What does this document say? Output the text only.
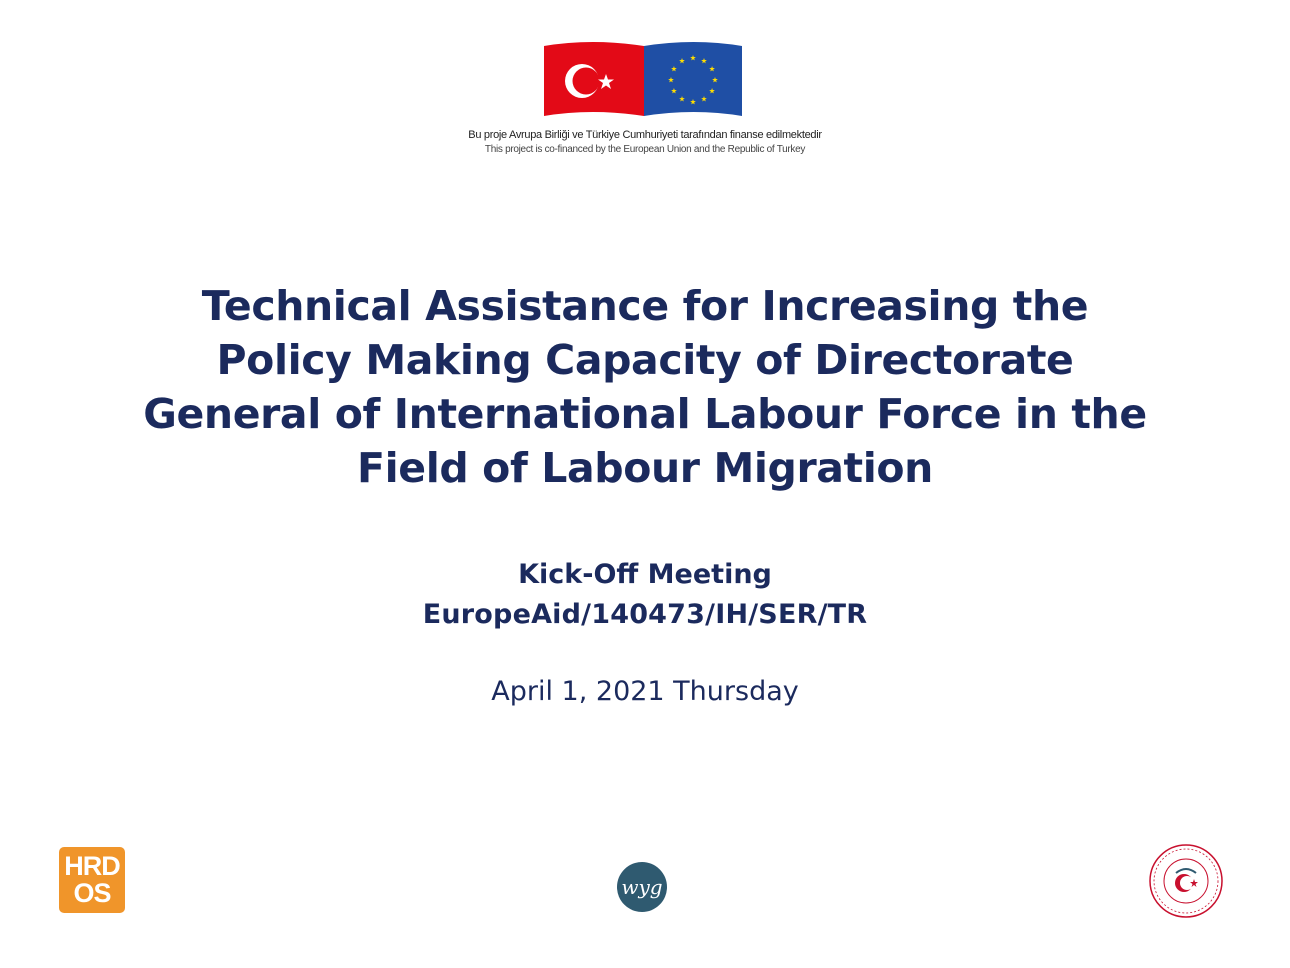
Bu proje Avrupa Birliği ve Türkiye Cumhuriyeti tarafından finanse edilmektedir
This project is co-financed by the European Union and the Republic of Turkey
Technical Assistance for Increasing the
Policy Making Capacity of Directorate
General of International Labour Force in the
Field of Labour Migration
Kick-Off Meeting
EuropeAid/140473/IH/SER/TR
April 1, 2021 Thursday
HRD
OS	wyg
